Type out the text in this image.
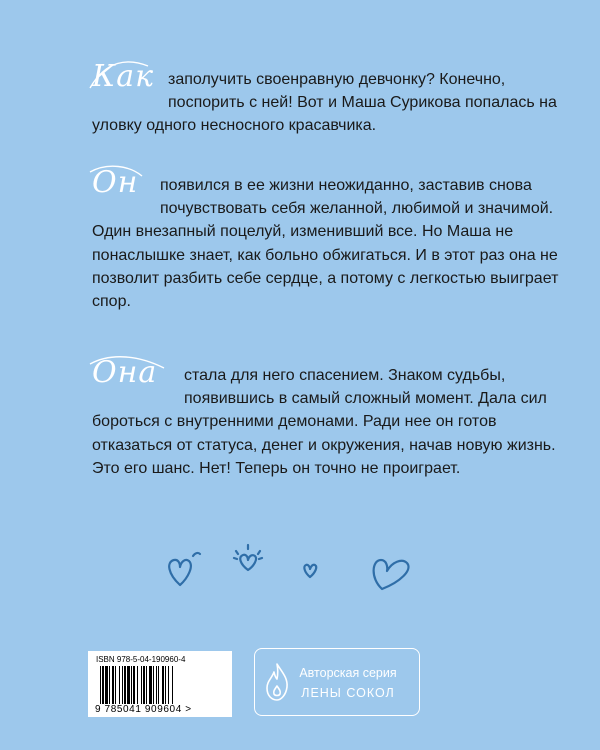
Как заполучить своенравную девчонку? Конечно, поспорить с ней! Вот и Маша Сурикова попалась на уловку одного несносного красавчика.

Он	появился в ее жизни неожиданно, заставив снова почувствовать себя желанной, любимой и значимой. Один внезапный поцелуй, изменивший все. Но Маша не понаслышке знает, как больно обжигаться. И в этот раз она не позволит разбить себе сердце, а потому с легкостью выиграет спор.

Она	стала для него спасением. Знаком судьбы, появившись в самый сложный момент. Дала сил бороться с внутренними демонами. Ради нее он готов отказаться от статуса, денег и окружения, начав новую жизнь. Это его шанс. Нет! Теперь он точно не проиграет.

ISBN 978-5-04-190960-4
9 785041 909604 >
Авторская серия
ЛЕНЫ СОКОЛ
